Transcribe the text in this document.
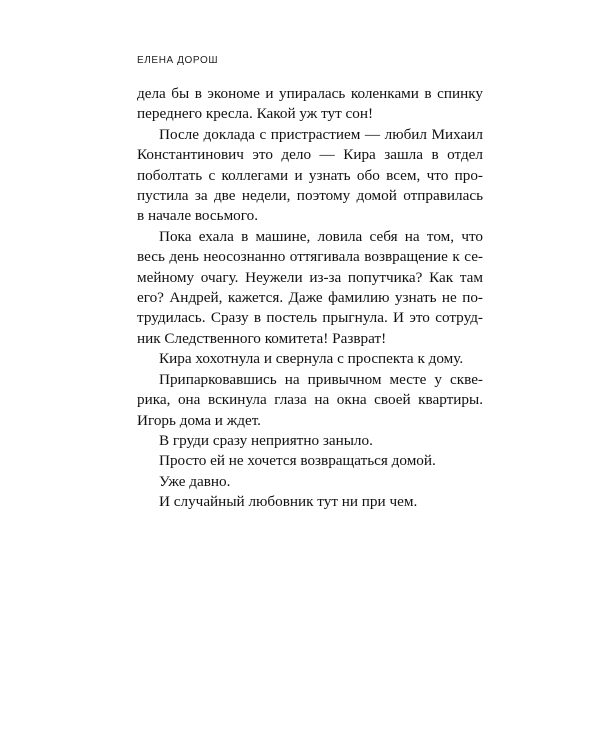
ЕЛЕНА ДОРОШ

дела бы в экономе и упиралась коленками в спинку
переднего кресла. Какой уж тут сон!

После доклада с пристрастием — любил Михаил
Константинович это дело — Кира зашла в отдел
поболтать с коллегами и узнать обо всем, что про-
пустила за две недели, поэтому домой отправилась
в начале восьмого.

Пока ехала в машине, ловила себя на том, что
весь день неосознанно оттягивала возвращение к се-
мейному очагу. Неужели из-за попутчика? Как там
его? Андрей, кажется. Даже фамилию узнать не по-
трудилась. Сразу в постель прыгнула. И это сотруд-
ник Следственного комитета! Разврат!

Кира хохотнула и свернула с проспекта к дому.

Припарковавшись на привычном месте у скве-
рика, она вскинула глаза на окна своей квартиры.
Игорь дома и ждет.

В груди сразу неприятно заныло.

Просто ей не хочется возвращаться домой.

Уже давно.

И случайный любовник тут ни при чем.
